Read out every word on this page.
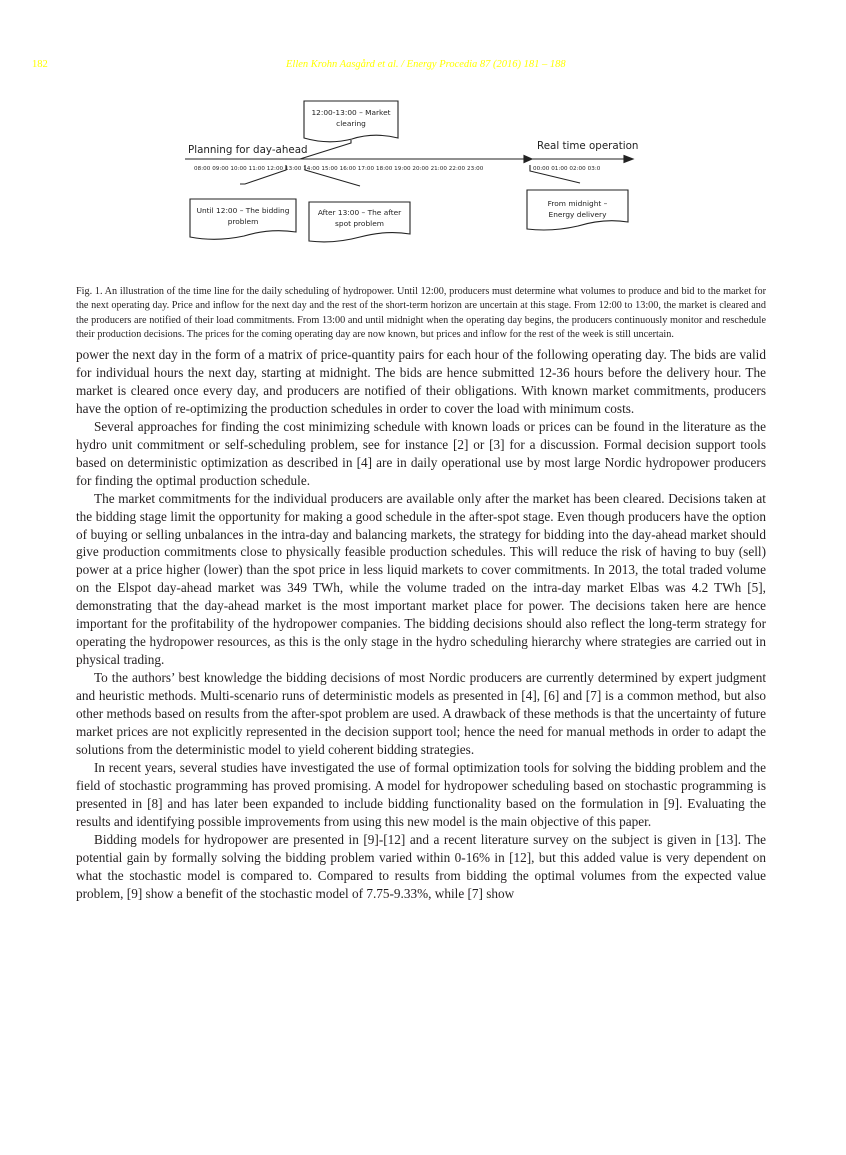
182	Ellen Krohn Aasgård et al. / Energy Procedia 87 (2016) 181 – 188
Planning for day-ahead	Real time operation
08:00 09:00 10:00 11:00 12:00 13:00 14:00 15:00 16:00 17:00 18:00 19:00 20:00 21:00 22:00 23:00	00:00 01:00 02:00 03:0
12:00-13:00 – Market
clearing
Until 12:00 – The bidding
problem
After 13:00 – The after
spot problem
From midnight –
Energy delivery
Fig. 1. An illustration of the time line for the daily scheduling of hydropower. Until 12:00, producers must determine what volumes to produce and bid to the market for the next operating day. Price and inflow for the next day and the rest of the short-term horizon are uncertain at this stage. From 12:00 to 13:00, the market is cleared and the producers are notified of their load commitments. From 13:00 and until midnight when the operating day begins, the producers continuously monitor and reschedule their production decisions. The prices for the coming operating day are now known, but prices and inflow for the rest of the week is still uncertain.

power the next day in the form of a matrix of price-quantity pairs for each hour of the following operating day. The bids are valid for individual hours the next day, starting at midnight. The bids are hence submitted 12-36 hours before the delivery hour. The market is cleared once every day, and producers are notified of their obligations. With known market commitments, producers have the option of re-optimizing the production schedules in order to cover the load with minimum costs.

Several approaches for finding the cost minimizing schedule with known loads or prices can be found in the literature as the hydro unit commitment or self-scheduling problem, see for instance [2] or [3] for a discussion. Formal decision support tools based on deterministic optimization as described in [4] are in daily operational use by most large Nordic hydropower producers for finding the optimal production schedule.

The market commitments for the individual producers are available only after the market has been cleared. Decisions taken at the bidding stage limit the opportunity for making a good schedule in the after-spot stage. Even though producers have the option of buying or selling unbalances in the intra-day and balancing markets, the strategy for bidding into the day-ahead market should give production commitments close to physically feasible production schedules. This will reduce the risk of having to buy (sell) power at a price higher (lower) than the spot price in less liquid markets to cover commitments. In 2013, the total traded volume on the Elspot day-ahead market was 349 TWh, while the volume traded on the intra-day market Elbas was 4.2 TWh [5], demonstrating that the day-ahead market is the most important market place for power. The decisions taken here are hence important for the profitability of the hydropower companies. The bidding decisions should also reflect the long-term strategy for operating the hydropower resources, as this is the only stage in the hydro scheduling hierarchy where strategies are carried out in physical trading.

To the authors’ best knowledge the bidding decisions of most Nordic producers are currently determined by expert judgment and heuristic methods. Multi-scenario runs of deterministic models as presented in [4], [6] and [7] is a common method, but also other methods based on results from the after-spot problem are used. A drawback of these methods is that the uncertainty of future market prices are not explicitly represented in the decision support tool; hence the need for manual methods in order to adapt the solutions from the deterministic model to yield coherent bidding strategies.

In recent years, several studies have investigated the use of formal optimization tools for solving the bidding problem and the field of stochastic programming has proved promising. A model for hydropower scheduling based on stochastic programming is presented in [8] and has later been expanded to include bidding functionality based on the formulation in [9]. Evaluating the results and identifying possible improvements from using this new model is the main objective of this paper.

Bidding models for hydropower are presented in [9]-[12] and a recent literature survey on the subject is given in [13]. The potential gain by formally solving the bidding problem varied within 0-16% in [12], but this added value is very dependent on what the stochastic model is compared to. Compared to results from bidding the optimal volumes from the expected value problem, [9] show a benefit of the stochastic model of 7.75-9.33%, while [7] show
